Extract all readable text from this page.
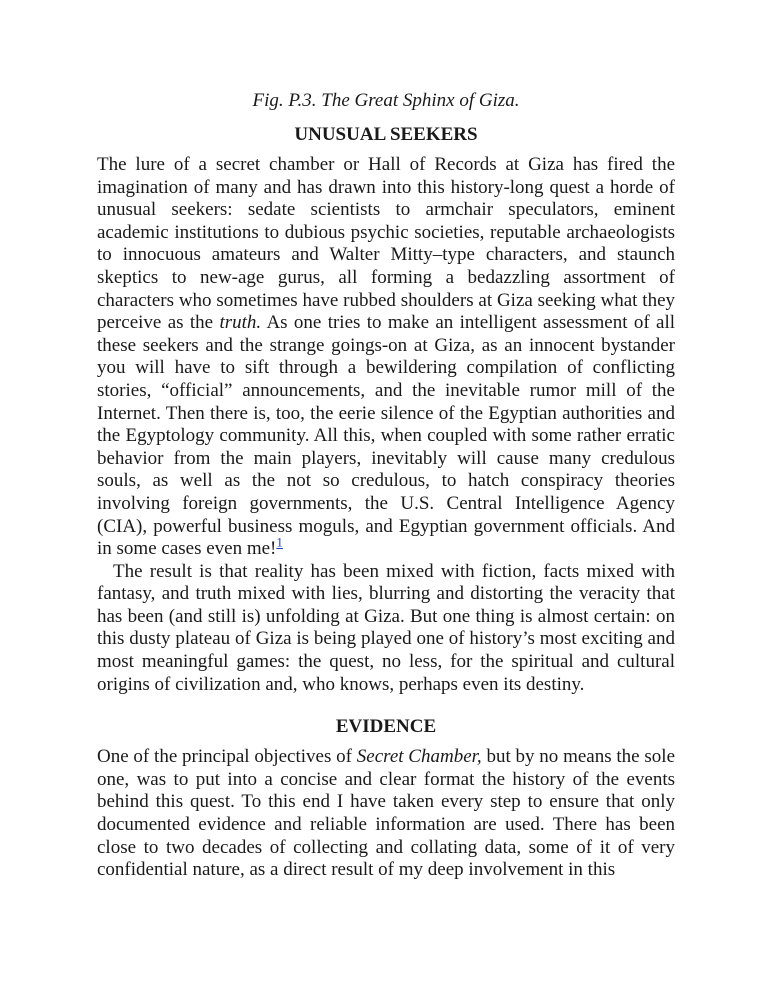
Fig. P.3. The Great Sphinx of Giza.
UNUSUAL SEEKERS

The lure of a secret chamber or Hall of Records at Giza has fired the imagination of many and has drawn into this history-long quest a horde of unusual seekers: sedate scientists to armchair speculators, eminent academic institutions to dubious psychic societies, reputable archaeologists to innocuous amateurs and Walter Mitty–type characters, and staunch skeptics to new-age gurus, all forming a bedazzling assortment of characters who sometimes have rubbed shoulders at Giza seeking what they perceive as the truth. As one tries to make an intelligent assessment of all these seekers and the strange goings-on at Giza, as an innocent bystander you will have to sift through a bewildering compilation of conflicting stories, “official” announcements, and the inevitable rumor mill of the Internet. Then there is, too, the eerie silence of the Egyptian authorities and the Egyptology community. All this, when coupled with some rather erratic behavior from the main players, inevitably will cause many credulous souls, as well as the not so credulous, to hatch conspiracy theories involving foreign governments, the U.S. Central Intelligence Agency (CIA), powerful business moguls, and Egyptian government officials. And in some cases even me!$^1$

The result is that reality has been mixed with fiction, facts mixed with fantasy, and truth mixed with lies, blurring and distorting the veracity that has been (and still is) unfolding at Giza. But one thing is almost certain: on this dusty plateau of Giza is being played one of history’s most exciting and most meaningful games: the quest, no less, for the spiritual and cultural origins of civilization and, who knows, perhaps even its destiny.

EVIDENCE

One of the principal objectives of Secret Chamber, but by no means the sole one, was to put into a concise and clear format the history of the events behind this quest. To this end I have taken every step to ensure that only documented evidence and reliable information are used. There has been close to two decades of collecting and collating data, some of it of very confidential nature, as a direct result of my deep involvement in this
